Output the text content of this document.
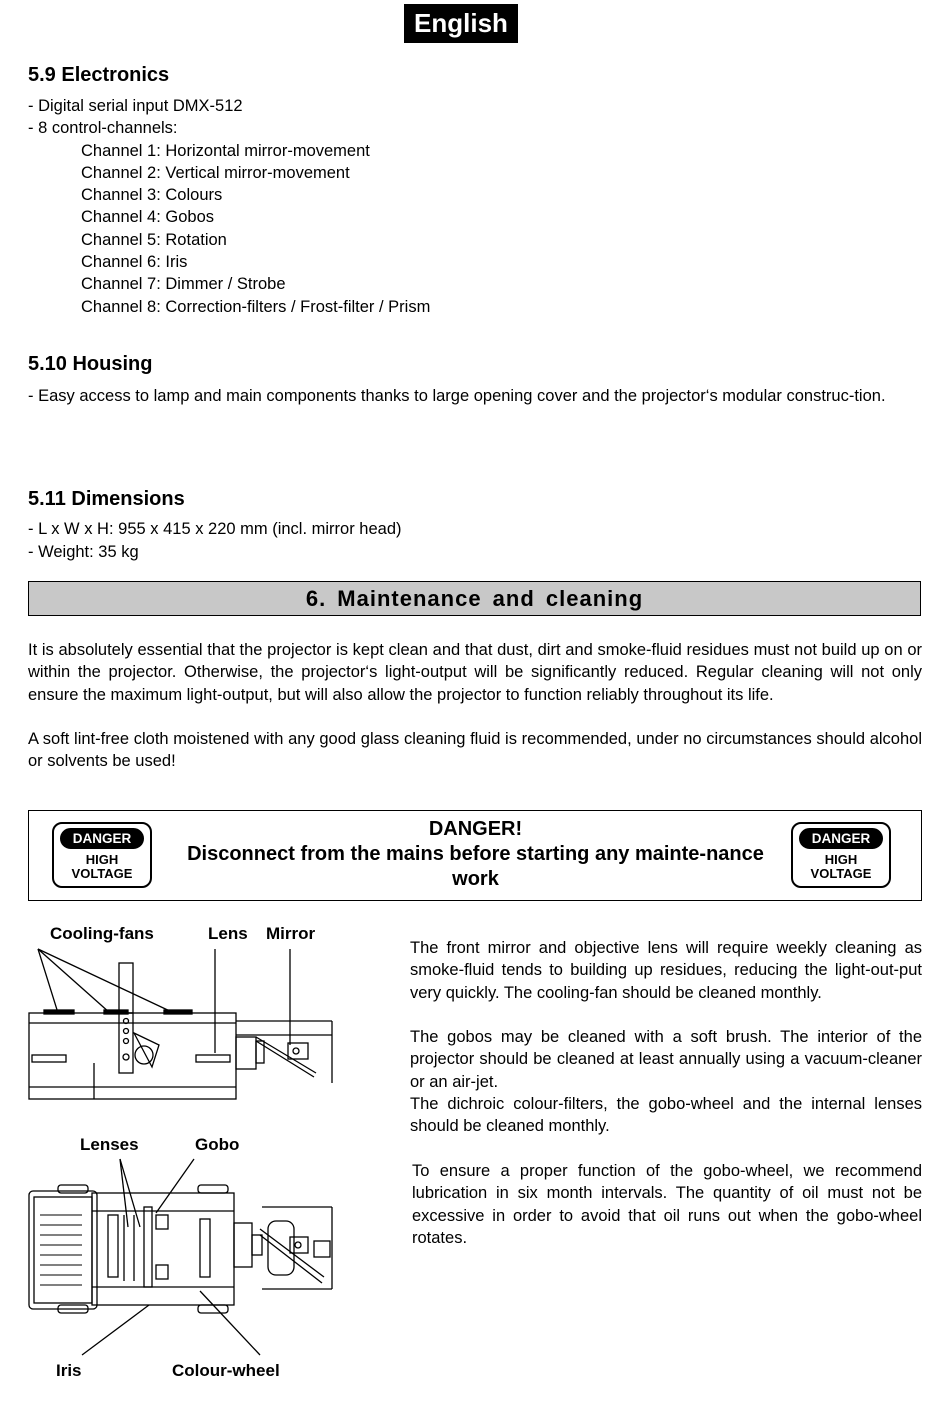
English
5.9 Electronics
- Digital serial input DMX-512
- 8 control-channels:
Channel 1: Horizontal mirror-movement
Channel 2: Vertical mirror-movement
Channel 3: Colours
Channel 4: Gobos
Channel 5: Rotation
Channel 6: Iris
Channel 7: Dimmer / Strobe
Channel 8: Correction-filters / Frost-filter / Prism
5.10 Housing
- Easy access to lamp and main components thanks to large opening cover and the projector‘s modular construc-tion.
5.11 Dimensions
- L x W x H: 955 x 415 x 220 mm (incl. mirror head)
- Weight: 35 kg
6. Maintenance and cleaning
It is absolutely essential that the projector is kept clean and that dust, dirt and smoke-fluid residues must not build up on or within the projector. Otherwise, the projector‘s light-output will be significantly reduced. Regular cleaning will not only ensure the maximum light-output, but will also allow the projector to function reliably throughout its life.
A soft lint-free cloth moistened with any good glass cleaning fluid is recommended, under no circumstances should alcohol or solvents be used!
DANGER
HIGH
VOLTAGE
DANGER!
Disconnect from the mains before starting any mainte-nance work
DANGER
HIGH
VOLTAGE
Cooling-fans	Lens Mirror
Lenses	Gobo
Iris	Colour-wheel
The front mirror and objective lens will require weekly cleaning as smoke-fluid tends to building up residues, reducing the light-out-put very quickly. The cooling-fan should be cleaned monthly.
The gobos may be cleaned with a soft brush. The interior of the projector should be cleaned at least annually using a vacuum-cleaner or an air-jet.
The dichroic colour-filters, the gobo-wheel and the internal lenses should be cleaned monthly.
To ensure a proper function of the gobo-wheel, we recommend lubrication in six month intervals. The quantity of oil must not be excessive in order to avoid that oil runs out when the gobo-wheel rotates.
